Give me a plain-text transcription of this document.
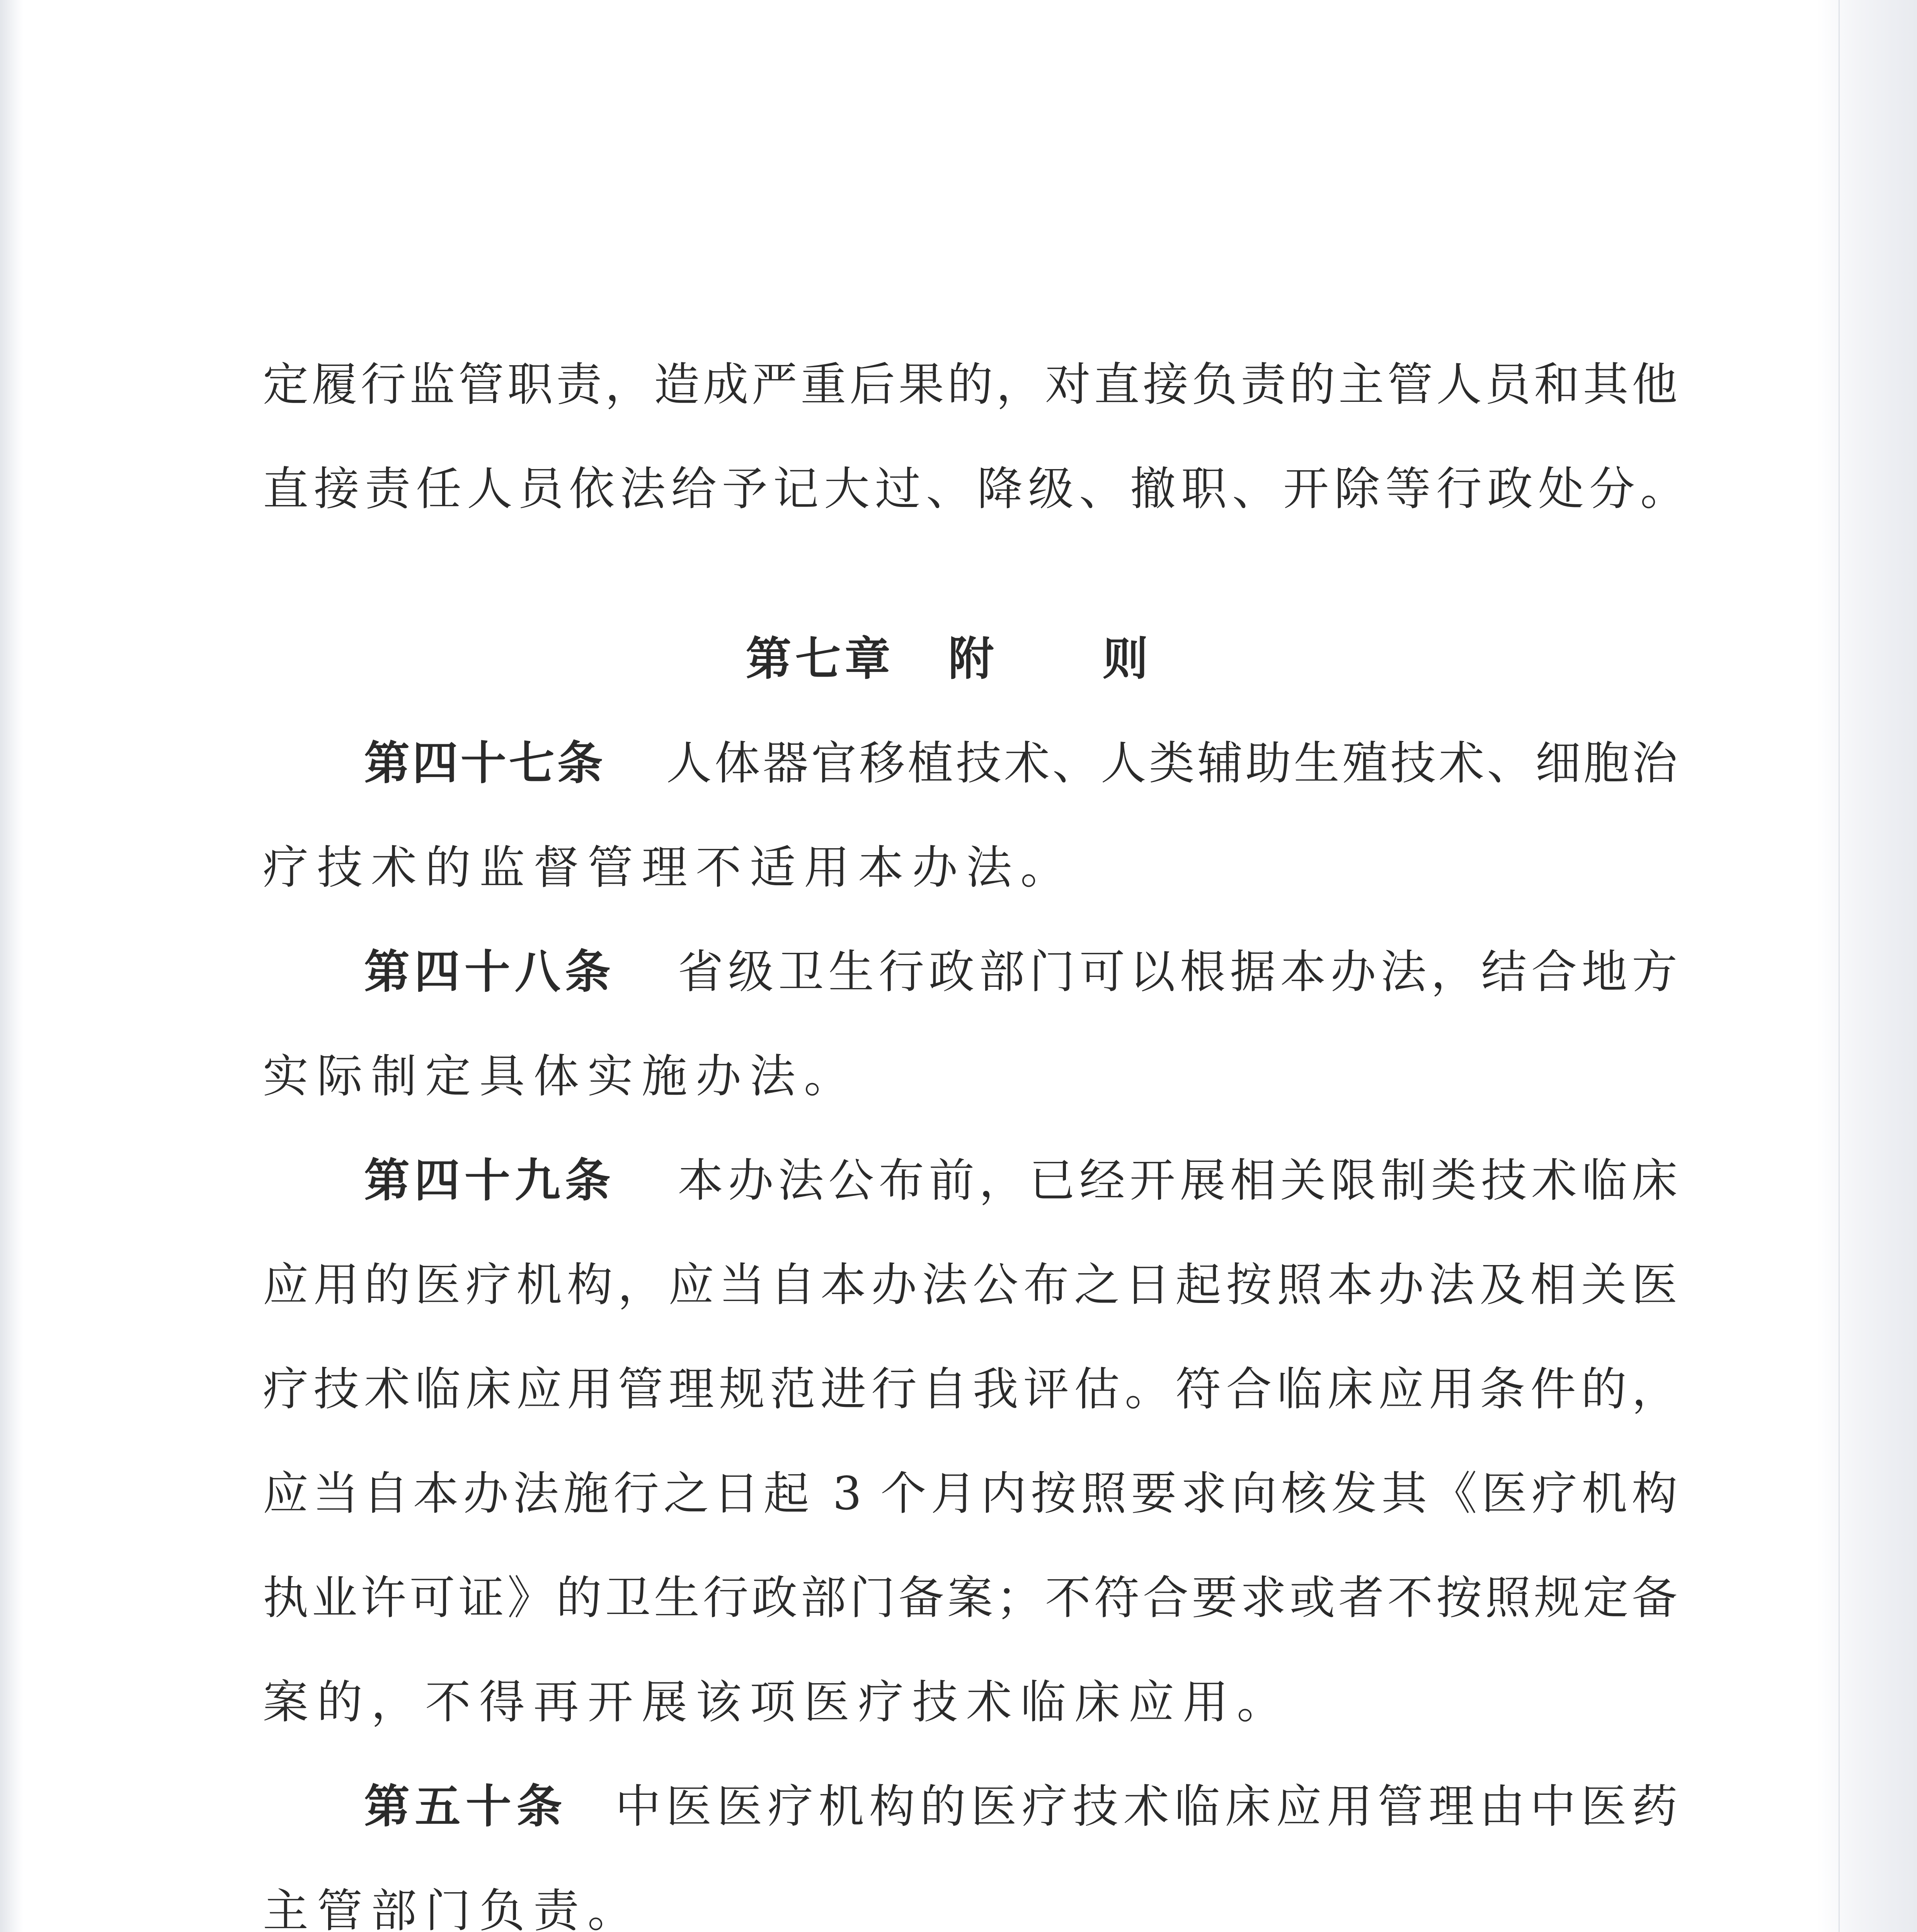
定履行监管职责，造成严重后果的，对直接负责的主管人员和其他
直接责任人员依法给予记大过、降级、撤职、开除等行政处分。
第七章 附 则
第四十七条 人体器官移植技术、人类辅助生殖技术、细胞治
疗技术的监督管理不适用本办法。
第四十八条 省级卫生行政部门可以根据本办法，结合地方
实际制定具体实施办法。
第四十九条 本办法公布前，已经开展相关限制类技术临床
应用的医疗机构，应当自本办法公布之日起按照本办法及相关医
疗技术临床应用管理规范进行自我评估。符合临床应用条件的，
应当自本办法施行之日起 3 个月内按照要求向核发其《医疗机构
执业许可证》的卫生行政部门备案；不符合要求或者不按照规定备
案的，不得再开展该项医疗技术临床应用。
第五十条 中医医疗机构的医疗技术临床应用管理由中医药
主管部门负责。
